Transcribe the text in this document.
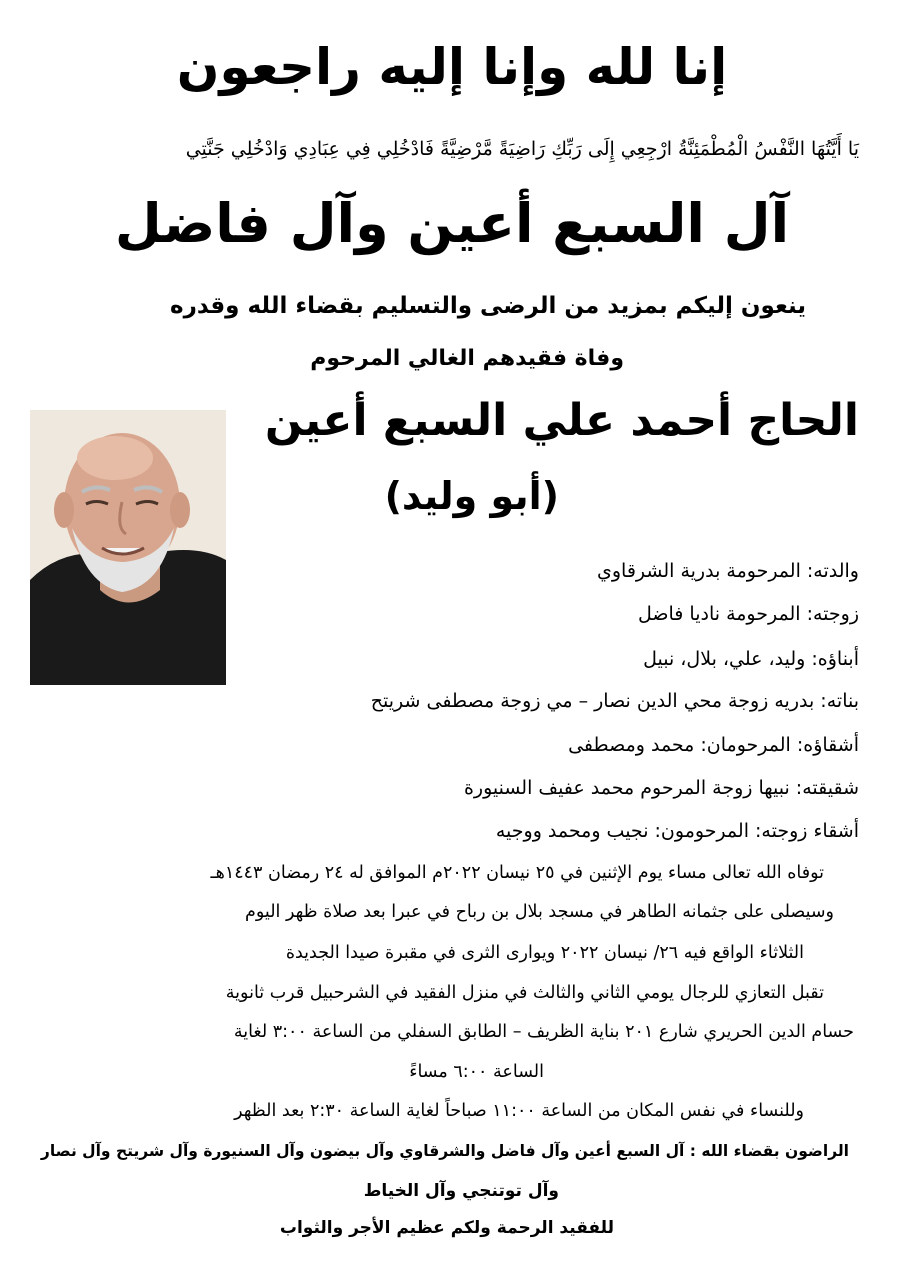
إنا لله وإنا إليه راجعون
يَا أَيَّتُهَا النَّفْسُ الْمُطْمَئِنَّةُ ارْجِعِي إِلَى رَبِّكِ رَاضِيَةً مَّرْضِيَّةً فَادْخُلِي فِي عِبَادِي وَادْخُلِي جَنَّتِي
آل السبع أعين وآل فاضل
ينعون إليكم بمزيد من الرضى والتسليم بقضاء الله وقدره
وفاة فقيدهم الغالي المرحوم
الحاج أحمد علي السبع أعين
(أبو وليد)
والدته: المرحومة بدرية الشرقاوي
زوجته: المرحومة ناديا فاضل
أبناؤه: وليد، علي، بلال، نبيل
بناته: بدريه زوجة محي الدين نصار – مي زوجة مصطفى شريتح
أشقاؤه: المرحومان: محمد ومصطفى
شقيقته: نبيها زوجة المرحوم محمد عفيف السنيورة
أشقاء زوجته: المرحومون: نجيب ومحمد ووجيه
توفاه الله تعالى مساء يوم الإثنين في ٢٥ نيسان ٢٠٢٢م الموافق له ٢٤ رمضان ١٤٤٣هـ
وسيصلى على جثمانه الطاهر في مسجد بلال بن رباح في عبرا بعد صلاة ظهر اليوم
الثلاثاء الواقع فيه ٢٦/ نيسان ٢٠٢٢ ويوارى الثرى في مقبرة صيدا الجديدة
تقبل التعازي للرجال يومي الثاني والثالث في منزل الفقيد في الشرحبيل قرب ثانوية
حسام الدين الحريري شارع ٢٠١ بناية الظريف – الطابق السفلي من الساعة ٣:٠٠ لغاية
الساعة ٦:٠٠ مساءً
وللنساء في نفس المكان من الساعة ١١:٠٠ صباحاً لغاية الساعة ٢:٣٠ بعد الظهر
الراضون بقضاء الله : آل السبع أعين وآل فاضل والشرقاوي وآل بيضون وآل السنيورة وآل شريتح وآل نصار
وآل توتنجي وآل الخياط
للفقيد الرحمة ولكم عظيم الأجر والثواب
